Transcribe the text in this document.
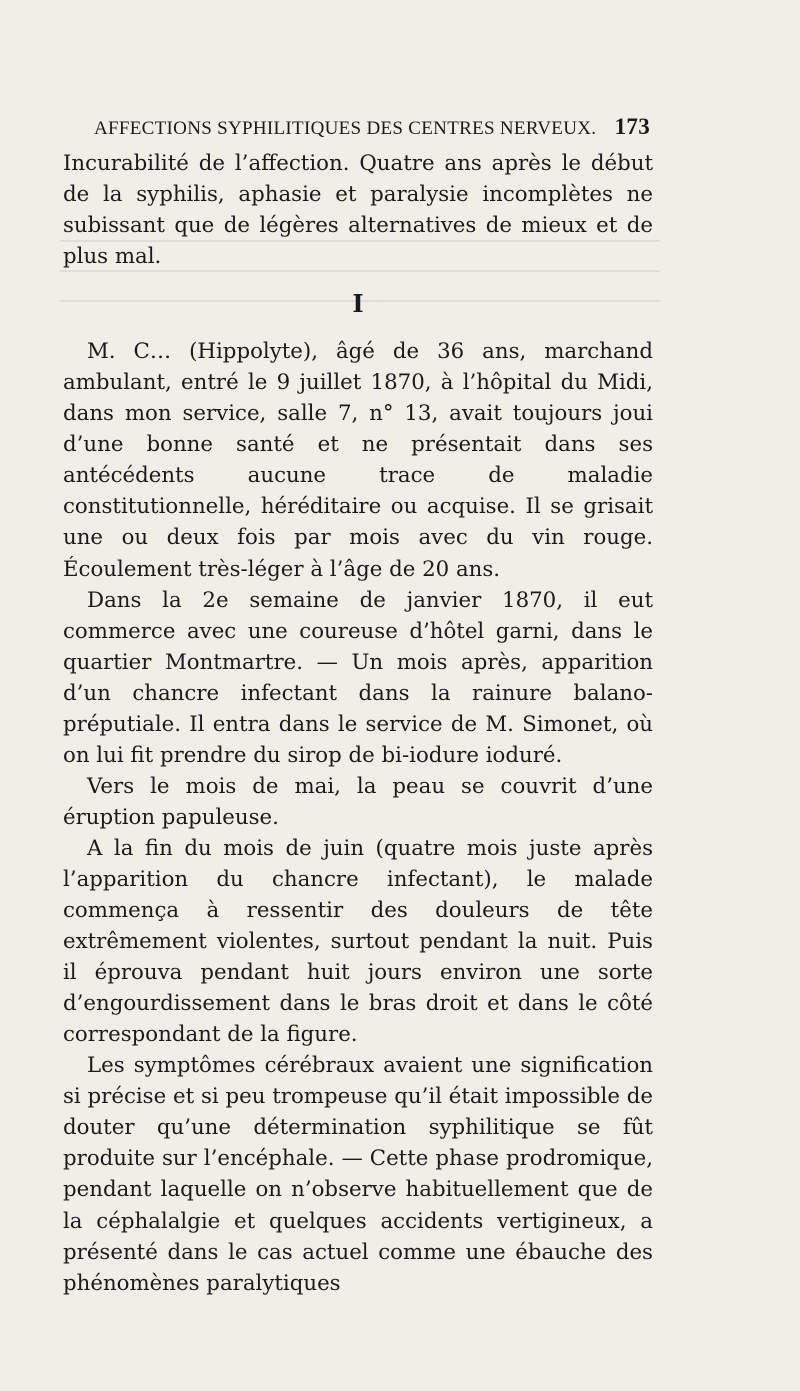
AFFECTIONS SYPHILITIQUES DES CENTRES NERVEUX. 173

Incurabilité de l’affection. Quatre ans après le début de la syphilis, aphasie et paralysie incomplètes ne subissant que de légères alternatives de mieux et de plus mal.

I

M. C… (Hippolyte), âgé de 36 ans, marchand ambulant, entré le 9 juillet 1870, à l’hôpital du Midi, dans mon service, salle 7, n° 13, avait toujours joui d’une bonne santé et ne présentait dans ses antécédents aucune trace de maladie constitutionnelle, héréditaire ou acquise. Il se grisait une ou deux fois par mois avec du vin rouge. Écoulement très-léger à l’âge de 20 ans.

Dans la 2e semaine de janvier 1870, il eut commerce avec une coureuse d’hôtel garni, dans le quartier Montmartre. — Un mois après, apparition d’un chancre infectant dans la rainure balano-préputiale. Il entra dans le service de M. Simonet, où on lui fit prendre du sirop de bi-iodure ioduré.

Vers le mois de mai, la peau se couvrit d’une éruption papuleuse.

A la fin du mois de juin (quatre mois juste après l’apparition du chancre infectant), le malade commença à ressentir des douleurs de tête extrêmement violentes, surtout pendant la nuit. Puis il éprouva pendant huit jours environ une sorte d’engourdissement dans le bras droit et dans le côté correspondant de la figure.

Les symptômes cérébraux avaient une signification si précise et si peu trompeuse qu’il était impossible de douter qu’une détermination syphilitique se fût produite sur l’encéphale. — Cette phase prodromique, pendant laquelle on n’observe habituellement que de la céphalalgie et quelques accidents vertigineux, a présenté dans le cas actuel comme une ébauche des phénomènes paralytiques
